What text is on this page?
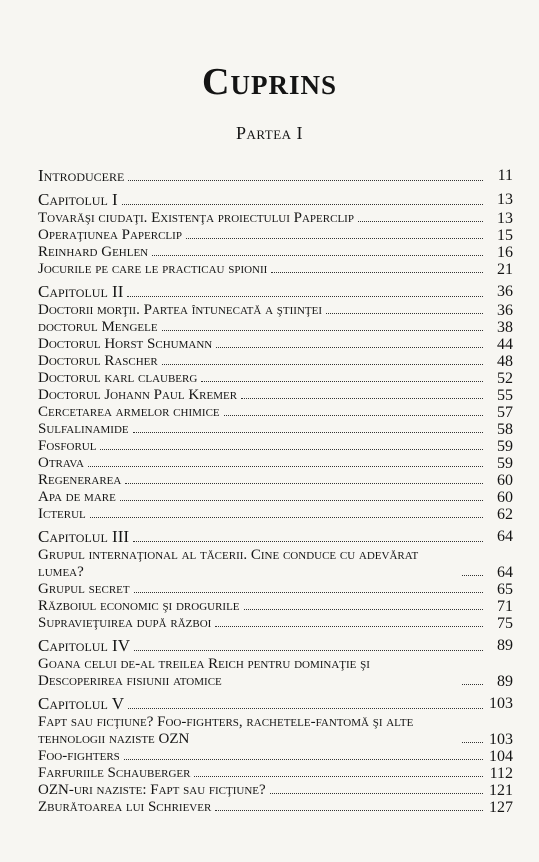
Cuprins
Partea I
Introducere	11
Capitolul I	13
Tovarăşi ciudaţi. Existenţa proiectului Paperclip	13
Operaţiunea Paperclip	15
Reinhard Gehlen	16
Jocurile pe care le practicau spionii	21
Capitolul II	36
Doctorii morţii. Partea întunecată a ştiinţei	36
doctorul Mengele	38
Doctorul Horst Schumann	44
Doctorul Rascher	48
Doctorul karl clauberg	52
Doctorul Johann Paul Kremer	55
Cercetarea armelor chimice	57
Sulfalinamide	58
Fosforul	59
Otrava	59
Regenerarea	60
Apa de mare	60
Icterul	62
Capitolul III	64
Grupul internaţional al tăcerii. Cine conduce cu adevărat lumea?	64
Grupul secret	65
Războiul economic şi drogurile	71
Supravieţuirea după război	75
Capitolul IV	89
Goana celui de-al treilea Reich pentru dominaţie şi Descoperirea fisiunii atomice	89
Capitolul V	103
Fapt sau ficţiune? Foo-fighters, rachetele-fantomă şi alte tehnologii naziste OZN	103
Foo-fighters	104
Farfuriile Schauberger	112
OZN-uri naziste: Fapt sau ficţiune?	121
Zburătoarea lui Schriever	127
